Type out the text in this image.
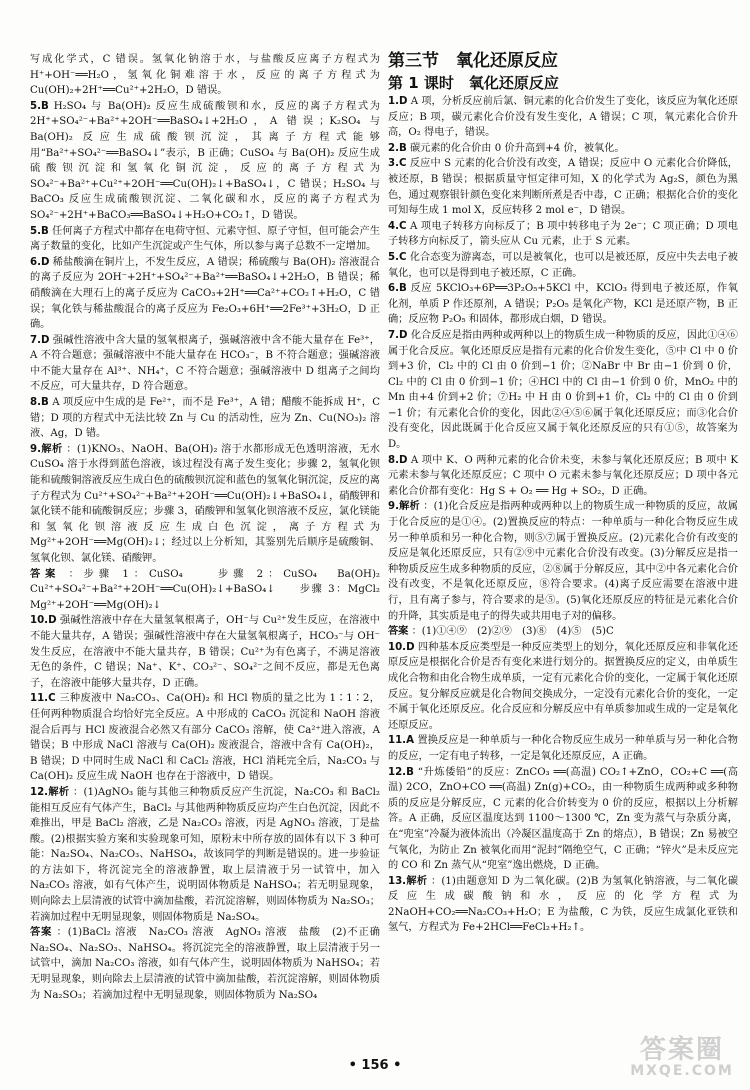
写成化学式，C 错误。氢氧化钠溶于水，与盐酸反应离子方程式为 H⁺+OH⁻══H₂O，氢氧化铜难溶于水，反应的离子方程式为 Cu(OH)₂+2H⁺══Cu²⁺+2H₂O，D 错误。

5.B H₂SO₄ 与 Ba(OH)₂ 反应生成硫酸钡和水，反应的离子方程式为 2H⁺+SO₄²⁻+Ba²⁺+2OH⁻══BaSO₄↓+2H₂O，A 错误；K₂SO₄ 与 Ba(OH)₂ 反应生成硫酸钡沉淀，其离子方程式能够用“Ba²⁺+SO₄²⁻══BaSO₄↓”表示，B 正确；CuSO₄ 与 Ba(OH)₂ 反应生成硫酸钡沉淀和氢氧化铜沉淀，反应的离子方程式为 SO₄²⁻+Ba²⁺+Cu²⁺+2OH⁻══Cu(OH)₂↓+BaSO₄↓，C 错误；H₂SO₄ 与 BaCO₃ 反应生成硫酸钡沉淀、二氧化碳和水，反应的离子方程式为 SO₄²⁻+2H⁺+BaCO₃══BaSO₄↓+H₂O+CO₂↑，D 错误。

5.B 任何离子方程式中都存在电荷守恒、元素守恒、原子守恒，但可能会产生离子数量的变化，比如产生沉淀或产生气体，所以参与离子总数不一定增加。

6.D 稀盐酸滴在铜片上，不发生反应，A 错误；稀硫酸与 Ba(OH)₂ 溶液混合的离子反应为 2OH⁻+2H⁺+SO₄²⁻+Ba²⁺══BaSO₄↓+2H₂O，B 错误；稀硝酸滴在大理石上的离子反应为 CaCO₃+2H⁺══Ca²⁺+CO₂↑+H₂O，C 错误；氧化铁与稀盐酸混合的离子反应为 Fe₂O₃+6H⁺══2Fe³⁺+3H₂O，D 正确。

7.D 强碱性溶液中含大量的氢氧根离子，强碱溶液中含不能大量存在 Fe³⁺，A 不符合题意；强碱溶液中不能大量存在 HCO₃⁻，B 不符合题意；强碱溶液中不能大量存在 Al³⁺、NH₄⁺，C 不符合题意；强碱溶液中 D 组离子之间均不反应，可大量共存，D 符合题意。

8.B A 项反应中生成的是 Fe²⁺，而不是 Fe³⁺，A 错；醋酸不能拆成 H⁺，C 错；D 项的方程式中无法比较 Zn 与 Cu 的活动性，应为 Zn、Cu(NO₃)₂ 溶液、Ag，D 错。

9.解析 ：(1)KNO₃、NaOH、Ba(OH)₂ 溶于水都形成无色透明溶液，无水 CuSO₄ 溶于水得到蓝色溶液，该过程没有离子发生变化；步骤 2，氢氧化钡能和硫酸铜溶液反应生成白色的硫酸钡沉淀和蓝色的氢氧化铜沉淀，反应的离子方程式为 Cu²⁺+SO₄²⁻+Ba²⁺+2OH⁻══Cu(OH)₂↓+BaSO₄↓，硝酸钾和氯化镁不能和硫酸铜反应；步骤 3，硝酸钾和氢氧化钡溶液不反应，氯化镁能和氢氧化钡溶液反应生成白色沉淀，离子方程式为 Mg²⁺+2OH⁻══Mg(OH)₂↓；经过以上分析知，其鉴别先后顺序是硫酸铜、氢氧化钡、氯化镁、硝酸钾。

答案 ：步骤 1：CuSO₄　　步骤 2：CuSO₄　Ba(OH)₂　Cu²⁺+SO₄²⁻+Ba²⁺+2OH⁻══Cu(OH)₂↓+BaSO₄↓　　步骤 3：MgCl₂　Mg²⁺+2OH⁻══Mg(OH)₂↓

10.D 强碱性溶液中存在大量氢氧根离子，OH⁻与 Cu²⁺发生反应，在溶液中不能大量共存，A 错误；强碱性溶液中存在大量氢氧根离子，HCO₃⁻与 OH⁻发生反应，在溶液中不能大量共存，B 错误；Cu²⁺为有色离子，不满足溶液无色的条件，C 错误；Na⁺、K⁺、CO₃²⁻、SO₄²⁻之间不反应，都是无色离子，在溶液中能够大量共存，D 正确。

11.C 三种废液中 Na₂CO₃、Ca(OH)₂ 和 HCl 物质的量之比为 1∶1∶2，任何两种物质混合均恰好完全反应。A 中形成的 CaCO₃ 沉淀和 NaOH 溶液混合后再与 HCl 废液混合必然又有部分 CaCO₃ 溶解，使 Ca²⁺进入溶液，A 错误；B 中形成 NaCl 溶液与 Ca(OH)₂ 废液混合，溶液中含有 Ca(OH)₂，B 错误；D 中同时生成 NaCl 和 CaCl₂ 溶液，HCl 消耗完全后，Na₂CO₃ 与 Ca(OH)₂ 反应生成 NaOH 也存在于溶液中，D 错误。

12.解析 ：(1)AgNO₃ 能与其他三种物质反应产生沉淀，Na₂CO₃ 和 BaCl₂ 能相互反应有气体产生，BaCl₂ 与其他两种物质反应均产生白色沉淀，因此不难推出，甲是 BaCl₂ 溶液，乙是 Na₂CO₃ 溶液，丙是 AgNO₃ 溶液，丁是盐酸。(2)根据实验方案和实验现象可知，原粉末中所存放的固体有以下 3 种可能：Na₂SO₄、Na₂CO₃、NaHSO₄，故该同学的判断是错误的。进一步验证的方法如下，将沉淀完全的溶液静置，取上层清液于另一试管中，加入 Na₂CO₃ 溶液，如有气体产生，说明固体物质是 NaHSO₄；若无明显现象，则向除去上层清液的试管中滴加盐酸，若沉淀溶解，则固体物质为 Na₂SO₃；若滴加过程中无明显现象，则固体物质是 Na₂SO₄。

答案 ：(1)BaCl₂ 溶液　Na₂CO₃ 溶液　AgNO₃ 溶液　盐酸　(2)不正确　Na₂SO₄、Na₂SO₃、NaHSO₄。将沉淀完全的溶液静置，取上层清液于另一试管中，滴加 Na₂CO₃ 溶液，如有气体产生，说明固体物质为 NaHSO₄；若无明显现象，则向除去上层清液的试管中滴加盐酸，若沉淀溶解，则固体物质为 Na₂SO₃；若滴加过程中无明显现象，则固体物质为 Na₂SO₄

第三节　氧化还原反应

第 1 课时　氧化还原反应

1.D A 项，分析反应前后氯、铜元素的化合价发生了变化，该反应为氧化还原反应；B 项，碳元素化合价没有发生变化，A 错误；C 项，氧元素化合价升高，O₂ 得电子，错误。

2.B 碳元素的化合价由 0 价升高到+4 价，被氧化。

3.C 反应中 S 元素的化合价没有改变，A 错误；反应中 O 元素化合价降低，被还原，B 错误；根据质量守恒定律可知，X 的化学式为 Ag₂S，颜色为黑色，通过观察银针颜色变化来判断所煮是否中毒，C 正确；根据化合价的变化可知每生成 1 mol X，反应转移 2 mol e⁻，D 错误。

4.C A 项电子转移方向标反了；B 项中转移电子为 2e⁻；C 项正确；D 项电子转移方向标反了，箭头应从 Cu 元素，止于 S 元素。

5.C 化合态变为游离态，可以是被氧化，也可以是被还原，反应中失去电子被氧化，也可以是得到电子被还原，C 正确。

6.B 反应 5KClO₃+6P══3P₂O₅+5KCl 中，KClO₃ 得到电子被还原，作氧化剂，单质 P 作还原剂，A 错误；P₂O₅ 是氧化产物，KCl 是还原产物，B 正确；反应物 P₂O₅ 和固体，都形成白烟，D 错误。

7.D 化合反应是指由两种或两种以上的物质生成一种物质的反应，因此①④⑥属于化合反应。氧化还原反应是指有元素的化合价发生变化，⑤中 Cl 中 0 价到+3 价，Cl₂ 中的 Cl 由 0 价到−1 价；②NaBr 中 Br 由−1 价到 0 价，Cl₂ 中的 Cl 由 0 价到−1 价；④HCl 中的 Cl 由−1 价到 0 价，MnO₂ 中的 Mn 由+4 价到+2 价；⑦H₂ 中 H 由 0 价到+1 价，Cl₂ 中的 Cl 由 0 价到−1 价；有元素化合价的变化，因此②④⑤⑥属于氧化还原反应；而③化合价没有变化，因此既属于化合反应又属于氧化还原反应的只有①⑤，故答案为 D。

8.D A 项中 K、O 两种元素的化合价未变，未参与氧化还原反应；B 项中 K 元素未参与氧化还原反应；C 项中 O 元素未参与氧化还原反应；D 项中各元素化合价都有变化：Hg S + O₂ ══ Hg + SO₂，D 正确。

9.解析 ：(1)化合反应是指两种或两种以上的物质生成一种物质的反应，故属于化合反应的是①④。(2)置换反应的特点：一种单质与一种化合物反应生成另一种单质和另一种化合物，则⑤⑦属于置换反应。(2)元素化合价有改变的反应是氧化还原反应，只有②⑨中元素化合价没有改变。(3)分解反应是指一种物质反应生成多种物质的反应，②⑧属于分解反应，其中②中各元素化合价没有改变，不是氧化还原反应，⑧符合要求。(4)离子反应需要在溶液中进行，且有离子参与，符合要求的是⑤。(5)氧化还原反应的特征是元素化合价的升降，其实质是电子的得失或共用电子对的偏移。

答案 ：(1)①④⑨　(2)②⑨　(3)⑧　(4)⑤　(5)C

10.D 四种基本反应类型是一种反应类型上的划分，氧化还原反应和非氧化还原反应是根据化合价是否有变化来进行划分的。据置换反应的定义，由单质生成化合物和由化合物生成单质，一定有元素化合价的变化，一定属于氧化还原反应。复分解反应就是化合物间交换成分，一定没有元素化合价的变化，一定不属于氧化还原反应。化合反应和分解反应中有单质参加或生成的一定是氧化还原反应。

11.A 置换反应是一种单质与一种化合物反应生成另一种单质与另一种化合物的反应，一定有电子转移，一定是氧化还原反应，A 正确。

12.B “升炼倭铅”的反应：ZnCO₃ ══(高温) CO₂↑+ZnO，CO₂+C ══(高温) 2CO，ZnO+CO ══(高温) Zn(g)+CO₂，由一种物质生成两种或多种物质的反应是分解反应，C 元素的化合价转变为 0 价的反应，根据以上分析解答。A 正确，反应区温度达到 1100～1300 ℃，Zn 变为蒸气与杂质分离，在“兜室”冷凝为液体流出（冷凝区温度高于 Zn 的熔点），B 错误；Zn 易被空气氧化，为防止 Zn 被氧化而用“泥封”隔绝空气，C 正确；“锌火”是未反应完的 CO 和 Zn 蒸气从“兜室”逸出燃烧，D 正确。

13.解析 ：(1)由题意知 D 为二氧化碳。(2)B 为氢氧化钠溶液，与二氧化碳反应生成碳酸钠和水，反应的化学方程式为 2NaOH+CO₂══Na₂CO₃+H₂O；E 为盐酸，C 为铁，反应生成氯化亚铁和氢气，方程式为 Fe+2HCl══FeCl₂+H₂↑。

• 156 •
答案圈
MXQE.COM
